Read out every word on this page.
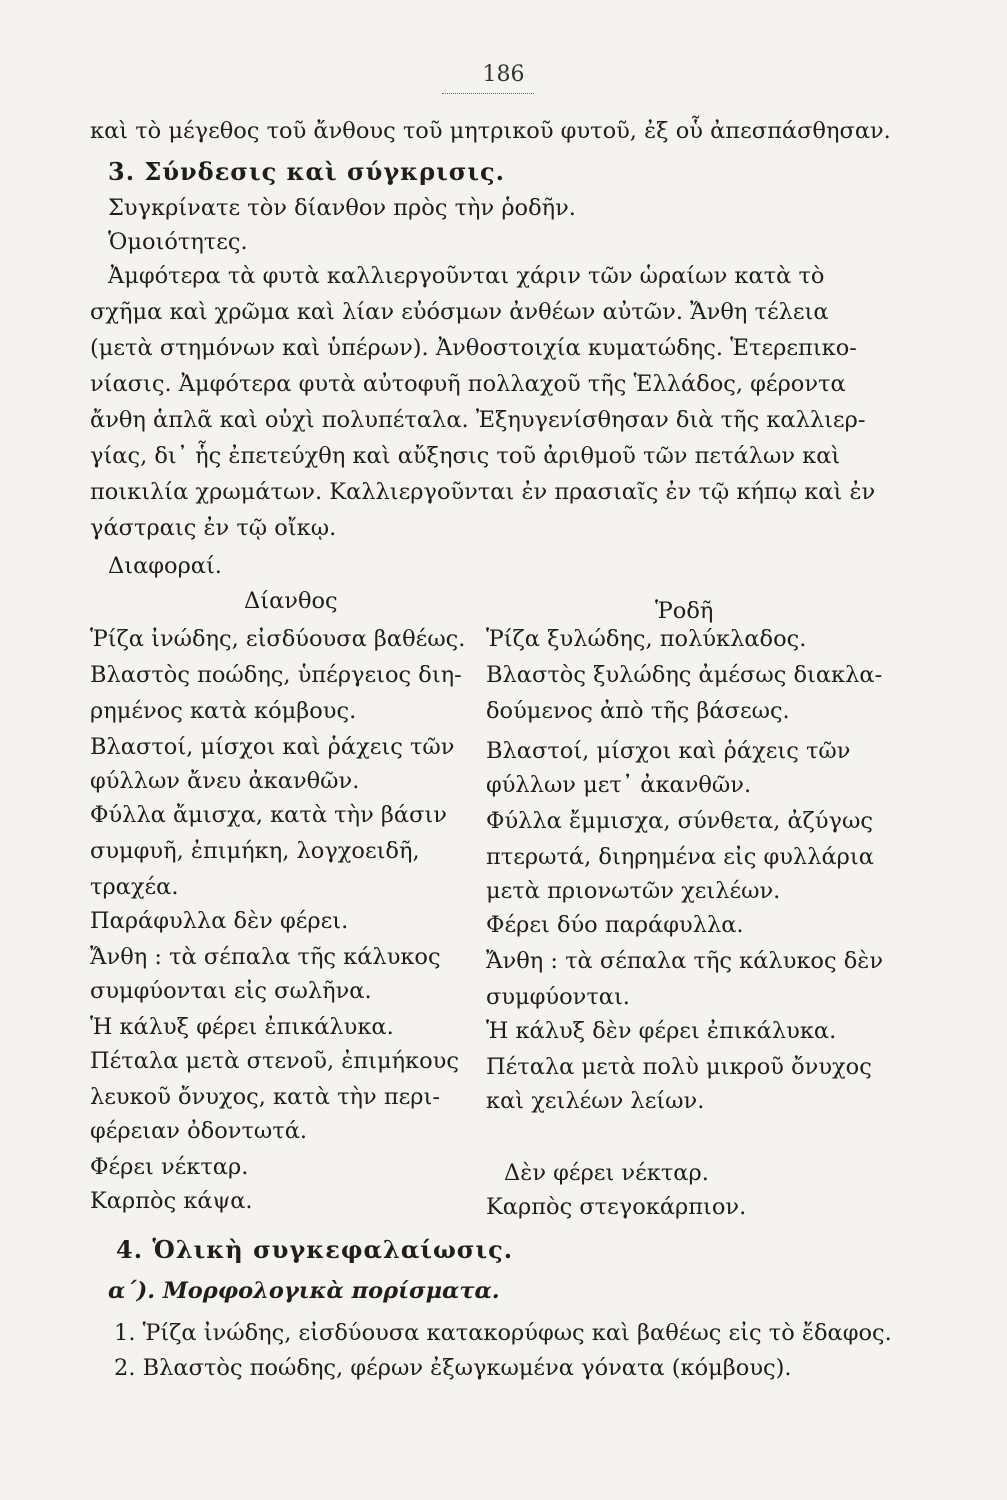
186
καὶ τὸ μέγεθος τοῦ ἄνθους τοῦ μητρικοῦ φυτοῦ, ἐξ οὗ ἀπεσπάσθησαν.
3. Σύνδεσις καὶ σύγκρισις.
Συγκρίνατε τὸν δίανθον πρὸς τὴν ῥοδῆν.
Ὁμοιότητες.
Ἀμφότερα τὰ φυτὰ καλλιεργοῦνται χάριν τῶν ὡραίων κατὰ τὸ
σχῆμα καὶ χρῶμα καὶ λίαν εὐόσμων ἀνθέων αὐτῶν. Ἄνθη τέλεια
(μετὰ στημόνων καὶ ὑπέρων). Ἀνθοστοιχία κυματώδης. Ἑτερεπικο-
νίασις. Ἀμφότερα φυτὰ αὐτοφυῆ πολλαχοῦ τῆς Ἑλλάδος, φέροντα
ἄνθη ἁπλᾶ καὶ οὐχὶ πολυπέταλα. Ἐξηυγενίσθησαν διὰ τῆς καλλιερ-
γίας, δι᾽ ἧς ἐπετεύχθη καὶ αὔξησις τοῦ ἀριθμοῦ τῶν πετάλων καὶ
ποικιλία χρωμάτων. Καλλιεργοῦνται ἐν πρασιαῖς ἐν τῷ κήπῳ καὶ ἐν
γάστραις ἐν τῷ οἴκῳ.
Διαφοραί.
Δίανθος	Ῥοδῆ
Ῥίζα ἰνώδης, εἰσδύουσα βαθέως.
Βλαστὸς ποώδης, ὑπέργειος διη-
ρημένος κατὰ κόμβους.
Βλαστοί, μίσχοι καὶ ῥάχεις τῶν
φύλλων ἄνευ ἀκανθῶν.
Φύλλα ἄμισχα, κατὰ τὴν βάσιν
συμφυῆ, ἐπιμήκη, λογχοειδῆ,
τραχέα.
Παράφυλλα δὲν φέρει.
Ἄνθη : τὰ σέπαλα τῆς κάλυκος
συμφύονται εἰς σωλῆνα.
Ἡ κάλυξ φέρει ἐπικάλυκα.
Πέταλα μετὰ στενοῦ, ἐπιμήκους
λευκοῦ ὄνυχος, κατὰ τὴν περι-
φέρειαν ὀδοντωτά.
Φέρει νέκταρ.
Καρπὸς κάψα.
Ῥίζα ξυλώδης, πολύκλαδος.
Βλαστὸς ξυλώδης ἀμέσως διακλα-
δούμενος ἀπὸ τῆς βάσεως.
Βλαστοί, μίσχοι καὶ ῥάχεις τῶν
φύλλων μετ᾽ ἀκανθῶν.
Φύλλα ἔμμισχα, σύνθετα, ἀζύγως
πτερωτά, διηρημένα εἰς φυλλάρια
μετὰ πριονωτῶν χειλέων.
Φέρει δύο παράφυλλα.
Ἄνθη : τὰ σέπαλα τῆς κάλυκος δὲν
συμφύονται.
Ἡ κάλυξ δὲν φέρει ἐπικάλυκα.
Πέταλα μετὰ πολὺ μικροῦ ὄνυχος
καὶ χειλέων λείων.
Δὲν φέρει νέκταρ.
Καρπὸς στεγοκάρπιον.
4. Ὁλικὴ συγκεφαλαίωσις.
α΄). Μορφολογικὰ πορίσματα.
1. Ῥίζα ἰνώδης, εἰσδύουσα κατακορύφως καὶ βαθέως εἰς τὸ ἔδαφος.
2. Βλαστὸς ποώδης, φέρων ἐξωγκωμένα γόνατα (κόμβους).
